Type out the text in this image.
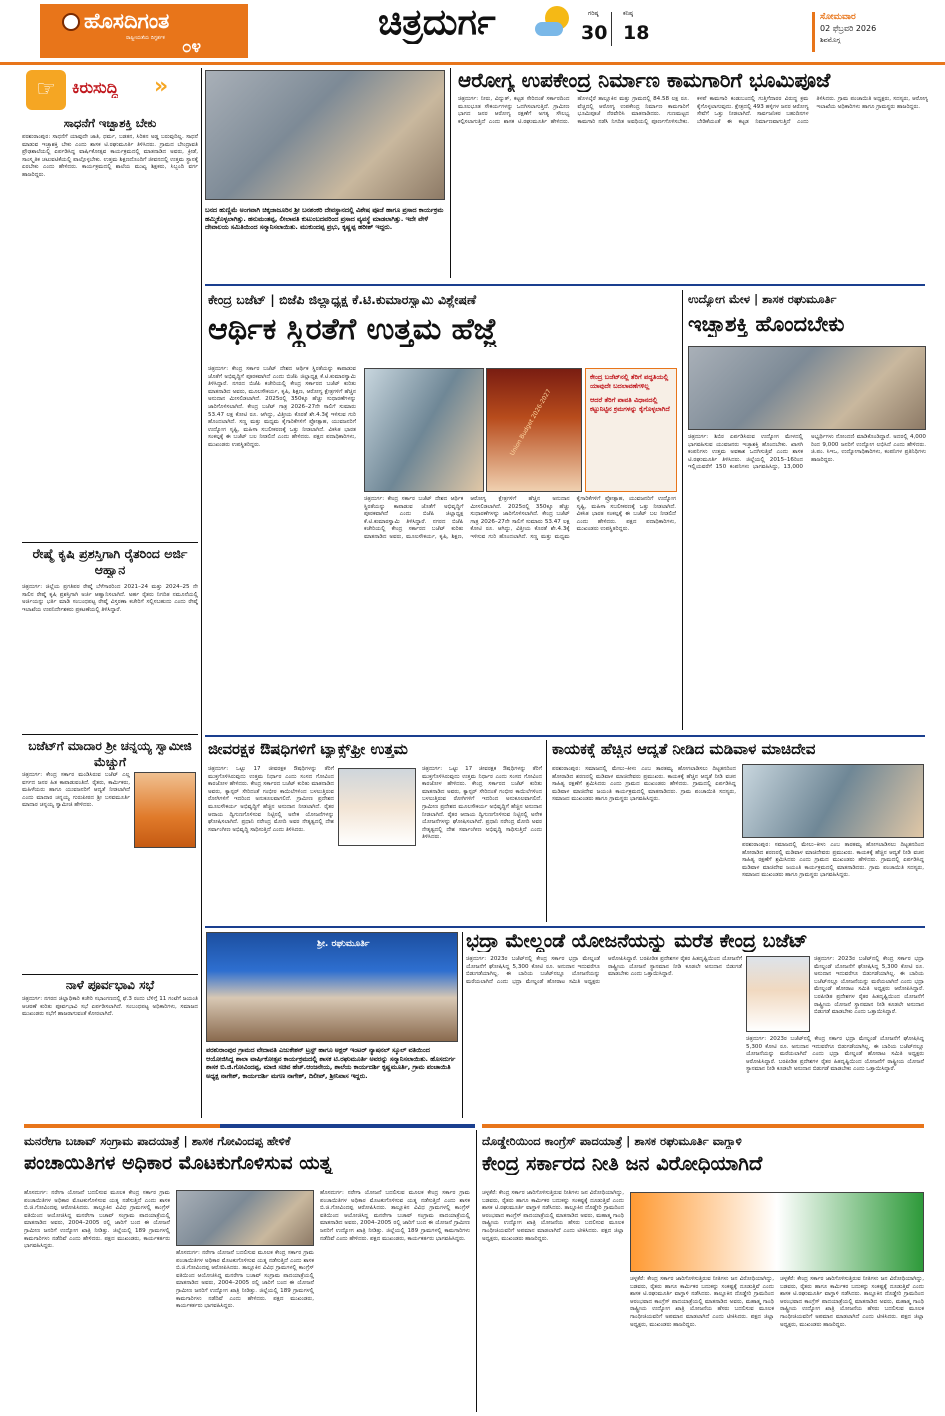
ಹೊಸದಿಗಂತ
ರಾಷ್ಟ್ರೀಯತೆಯ ದಿಗ್ದರ್ಶಕ ೦೪
ಚಿತ್ರದುರ್ಗ	ಗರಿಷ್ಠ
30
ಕನಿಷ್ಠ
18
ಸೋಮವಾರ
02 ಫೆಬ್ರವರಿ 2026
ಶಿವಮೊಗ್ಗ
☞	ಕಿರುಸುದ್ದಿ »
ಸಾಧನೆಗೆ ಇಚ್ಛಾಶಕ್ತಿ ಬೇಕು
ಪರಶುರಾಂಪುರ: ಸಾಧನೆಗೆ ಯಾವುದೇ ಜಾತಿ, ಧರ್ಮ, ಬಡತನ, ಸಿರಿತನ ಅಡ್ಡ ಬರುವುದಿಲ್ಲ. ಸಾಧನೆ ಮಾಡುವ ಇಚ್ಛಾಶಕ್ತಿ ಬೇಕು ಎಂದು ಶಾಸಕ ಟಿ.ರಘುಮೂರ್ತಿ ತಿಳಿಸಿದರು. ಗ್ರಾಮದ ಬೇಂದ್ರಾವತಿ ಪ್ರೌಢಶಾಲೆಯಲ್ಲಿ ಏರ್ಪಡಿಸಿದ್ದ ವಾರ್ಷಿಕೋತ್ಸವ ಕಾರ್ಯಕ್ರಮದಲ್ಲಿ ಮಾತನಾಡಿದ ಅವರು, ಕ್ರೀಡೆ, ಸಾಂಸ್ಕೃತಿಕ ಚಟುವಟಿಕೆಯಲ್ಲಿ ಪಾಲ್ಗೊಳ್ಳಬೇಕು. ಉತ್ತಮ ಶಿಕ್ಷಣದೊಂದಿಗೆ ಜೀವನದಲ್ಲಿ ಉತ್ತಮ ಸ್ಥಾನಕ್ಕೆ ಏರಬೇಕು ಎಂದು ಹೇಳಿದರು. ಕಾರ್ಯಕ್ರಮದಲ್ಲಿ ಶಾಲೆಯ ಮುಖ್ಯ ಶಿಕ್ಷಕರು, ಸಿಬ್ಬಂದಿ ವರ್ಗ ಹಾಜರಿದ್ದರು.
ರೇಷ್ಮೆ ಕೃಷಿ ಪ್ರಶಸ್ತಿಗಾಗಿ ರೈತರಿಂದ ಅರ್ಜಿ ಆಹ್ವಾನ
ಚಿತ್ರದುರ್ಗ: ಜಿಲ್ಲೆಯ ಪ್ರಗತಿಪರ ರೇಷ್ಮೆ ಬೆಳೆಗಾರರಿಂದ 2021–24 ಮತ್ತು 2024–25 ನೇ ಸಾಲಿನ ರೇಷ್ಮೆ ಕೃಷಿ ಪ್ರಶಸ್ತಿಗಾಗಿ ಅರ್ಜಿ ಆಹ್ವಾನಿಸಲಾಗಿದೆ. ಅರ್ಹ ರೈತರು ನಿಗದಿತ ನಮೂನೆಯಲ್ಲಿ ಅರ್ಜಿಯನ್ನು ಭರ್ತಿ ಮಾಡಿ ಸಂಬಂಧಪಟ್ಟ ರೇಷ್ಮೆ ವಿಸ್ತರಣಾ ಕಚೇರಿಗೆ ಸಲ್ಲಿಸಬಹುದು ಎಂದು ರೇಷ್ಮೆ ಇಲಾಖೆಯ ಉಪನಿರ್ದೇಶಕರು ಪ್ರಕಟಣೆಯಲ್ಲಿ ತಿಳಿಸಿದ್ದಾರೆ.
ಬಜೆಟ್‌ಗೆ ಮಾದಾರ ಶ್ರೀ ಚನ್ನಯ್ಯ ಸ್ವಾಮೀಜಿ ಮೆಚ್ಚುಗೆ
ಚಿತ್ರದುರ್ಗ: ಕೇಂದ್ರ ಸರ್ಕಾರ ಮಂಡಿಸಿರುವ ಬಜೆಟ್ ಎಲ್ಲ ವರ್ಗದ ಜನರ ಹಿತ ಕಾಪಾಡುವಂತಿದೆ. ರೈತರು, ಕಾರ್ಮಿಕರು, ಮಹಿಳೆಯರು ಹಾಗೂ ಯುವಜನರಿಗೆ ಆದ್ಯತೆ ನೀಡಲಾಗಿದೆ ಎಂದು ಮಾದಾರ ಚನ್ನಯ್ಯ ಗುರುಪೀಠದ ಶ್ರೀ ಬಸವಮೂರ್ತಿ ಮಾದಾರ ಚನ್ನಯ್ಯ ಸ್ವಾಮೀಜಿ ಹೇಳಿದರು.
ನಾಳೆ ಪೂರ್ವಭಾವಿ ಸಭೆ
ಚಿತ್ರದುರ್ಗ: ನಗರದ ಜಿಲ್ಲಾಧಿಕಾರಿ ಕಚೇರಿ ಸಭಾಂಗಣದಲ್ಲಿ ಫೆ.3 ರಂದು ಬೆಳಿಗ್ಗೆ 11 ಗಂಟೆಗೆ ಜಯಂತಿ ಆಚರಣೆ ಕುರಿತು ಪೂರ್ವಭಾವಿ ಸಭೆ ಏರ್ಪಡಿಸಲಾಗಿದೆ. ಸಂಬಂಧಪಟ್ಟ ಅಧಿಕಾರಿಗಳು, ಸಮಾಜದ ಮುಖಂಡರು ಸಭೆಗೆ ಹಾಜರಾಗುವಂತೆ ಕೋರಲಾಗಿದೆ.
ಬನದ ಹುಣ್ಣಿಮೆ ಅಂಗವಾಗಿ ಚಿಕ್ಕಜಾಜೂರಿನ ಶ್ರೀ ಬನಶಂಕರಿ ದೇವಸ್ಥಾನದಲ್ಲಿ ವಿಶೇಷ ಪೂಜೆ ಹಾಗೂ ಪ್ರಸಾದ ಕಾರ್ಯಕ್ರಮ ಹಮ್ಮಿಕೊಳ್ಳಲಾಗಿತ್ತು. ಹನುಮಂತಪ್ಪ, ಲೀಲಾವತಿ ಕುಟುಂಬದವರಿಂದ ಪ್ರಸಾದ ವ್ಯವಸ್ಥೆ ಮಾಡಲಾಗಿತ್ತು. ಇದೇ ವೇಳೆ ದೇವಾಲಯ ಸಮಿತಿಯಿಂದ ಸನ್ಮಾನಿಸಲಾಯಿತು. ಮುಕುಂದಪ್ಪ ಪ್ರಭು, ಕೃಷ್ಣಪ್ಪ ಹರೀಶ್ ಇದ್ದರು.
ಆರೋಗ್ಯ ಉಪಕೇಂದ್ರ ನಿರ್ಮಾಣ ಕಾಮಗಾರಿಗೆ ಭೂಮಿಪೂಜೆ
ಚಿತ್ರದುರ್ಗ: ನೀರು, ವಿದ್ಯುತ್, ಕಟ್ಟಡ ಸೇರಿದಂತೆ ಸರ್ಕಾರದಿಂದ ಮೂಲಭೂತ ಸೌಕರ್ಯಗಳನ್ನು ಒದಗಿಸಲಾಗುತ್ತಿದೆ. ಗ್ರಾಮೀಣ ಭಾಗದ ಜನರ ಆರೋಗ್ಯ ರಕ್ಷಣೆಗೆ ಅಗತ್ಯ ಸೌಲಭ್ಯ ಕಲ್ಪಿಸಲಾಗುತ್ತಿದೆ ಎಂದು ಶಾಸಕ ಟಿ.ರಘುಮೂರ್ತಿ ಹೇಳಿದರು. ಹೊಳಲ್ಕೆರೆ ತಾಲ್ಲೂಕಿನ ಮತ್ತು ಗ್ರಾಮದಲ್ಲಿ 84.58 ಲಕ್ಷ ರೂ. ವೆಚ್ಚದಲ್ಲಿ ಆರೋಗ್ಯ ಉಪಕೇಂದ್ರ ನಿರ್ಮಾಣ ಕಾಮಗಾರಿಗೆ ಭೂಮಿಪೂಜೆ ನೆರವೇರಿಸಿ ಮಾತನಾಡಿದರು. ಗುಣಮಟ್ಟದ ಕಾಮಗಾರಿ ನಡೆಸಿ ನಿಗದಿತ ಅವಧಿಯಲ್ಲಿ ಪೂರ್ಣಗೊಳಿಸಬೇಕು. ಕಳಪೆ ಕಾಮಗಾರಿ ಕಂಡುಬಂದಲ್ಲಿ ಗುತ್ತಿಗೆದಾರರ ವಿರುದ್ಧ ಕ್ರಮ ಕೈಗೊಳ್ಳಲಾಗುವುದು. ಕ್ಷೇತ್ರದಲ್ಲಿ 493 ಹಳ್ಳಿಗಳ ಜನರ ಆರೋಗ್ಯ ಸೇವೆಗೆ ಒತ್ತು ನೀಡಲಾಗಿದೆ. ಸಾರ್ವಜನಿಕರ ಬಹುದಿನಗಳ ಬೇಡಿಕೆಯಂತೆ ಈ ಕಟ್ಟಡ ನಿರ್ಮಾಣವಾಗುತ್ತಿದೆ ಎಂದು ತಿಳಿಸಿದರು. ಗ್ರಾಮ ಪಂಚಾಯಿತಿ ಅಧ್ಯಕ್ಷರು, ಸದಸ್ಯರು, ಆರೋಗ್ಯ ಇಲಾಖೆಯ ಅಧಿಕಾರಿಗಳು ಹಾಗೂ ಗ್ರಾಮಸ್ಥರು ಹಾಜರಿದ್ದರು.
ಕೇಂದ್ರ ಬಜೆಟ್ | ಬಿಜೆಪಿ ಜಿಲ್ಲಾಧ್ಯಕ್ಷ ಕೆ.ಟಿ.ಕುಮಾರಸ್ವಾಮಿ ವಿಶ್ಲೇಷಣೆ
ಆರ್ಥಿಕ ಸ್ಥಿರತೆಗೆ ಉತ್ತಮ ಹೆಜ್ಜೆ
ಚಿತ್ರದುರ್ಗ: ಕೇಂದ್ರ ಸರ್ಕಾರ ಬಜೆಟ್ ದೇಶದ ಆರ್ಥಿಕ ಸ್ಥಿರತೆಯನ್ನು ಕಾಪಾಡುವ ಜೊತೆಗೆ ಅಭಿವೃದ್ಧಿಗೆ ಪೂರಕವಾಗಿದೆ ಎಂದು ಬಿಜೆಪಿ ಜಿಲ್ಲಾಧ್ಯಕ್ಷ ಕೆ.ಟಿ.ಕುಮಾರಸ್ವಾಮಿ ತಿಳಿಸಿದ್ದಾರೆ. ನಗರದ ಬಿಜೆಪಿ ಕಚೇರಿಯಲ್ಲಿ ಕೇಂದ್ರ ಸರ್ಕಾರದ ಬಜೆಟ್ ಕುರಿತು ಮಾತನಾಡಿದ ಅವರು, ಮೂಲಸೌಕರ್ಯ, ಕೃಷಿ, ಶಿಕ್ಷಣ, ಆರೋಗ್ಯ ಕ್ಷೇತ್ರಗಳಿಗೆ ಹೆಚ್ಚಿನ ಅನುದಾನ ಮೀಸಲಿಡಲಾಗಿದೆ. 2025ರಲ್ಲಿ 350ಕ್ಕೂ ಹೆಚ್ಚು ಸುಧಾರಣೆಗಳನ್ನು ಜಾರಿಗೊಳಿಸಲಾಗಿದೆ. ಕೇಂದ್ರ ಬಜೆಟ್ ಗಾತ್ರ 2026–27ನೇ ಸಾಲಿಗೆ ಸುಮಾರು 53.47 ಲಕ್ಷ ಕೋಟಿ ರೂ. ಆಗಿದ್ದು, ವಿತ್ತೀಯ ಕೊರತೆ ಶೇ.4.3ಕ್ಕೆ ಇಳಿಸುವ ಗುರಿ ಹೊಂದಲಾಗಿದೆ. ಸಣ್ಣ ಮತ್ತು ಮಧ್ಯಮ ಕೈಗಾರಿಕೆಗಳಿಗೆ ಪ್ರೋತ್ಸಾಹ, ಯುವಜನರಿಗೆ ಉದ್ಯೋಗ ಸೃಷ್ಟಿ, ಮಹಿಳಾ ಸಬಲೀಕರಣಕ್ಕೆ ಒತ್ತು ನೀಡಲಾಗಿದೆ. ವಿಕಸಿತ ಭಾರತ ಸಂಕಲ್ಪಕ್ಕೆ ಈ ಬಜೆಟ್ ಬಲ ನೀಡಲಿದೆ ಎಂದು ಹೇಳಿದರು. ಪಕ್ಷದ ಪದಾಧಿಕಾರಿಗಳು, ಮುಖಂಡರು ಉಪಸ್ಥಿತರಿದ್ದರು.	Union Budget 2026-2027
ಕೇಂದ್ರ ಬಜೆಟ್‌ನಲ್ಲಿ ತೆರಿಗೆ ಪದ್ಧತಿಯಲ್ಲಿ ಯಾವುದೇ ಬದಲಾವಣೆಗಳಿಲ್ಲ
ಆದರೆ ತೆರಿಗೆ ಪಾವತಿ ವಿಧಾನದಲ್ಲಿ ಕಟ್ಟುನಿಟ್ಟಿನ ಕ್ರಮಗಳನ್ನು ಕೈಗೊಳ್ಳಲಾಗಿದೆ
ಚಿತ್ರದುರ್ಗ: ಕೇಂದ್ರ ಸರ್ಕಾರ ಬಜೆಟ್ ದೇಶದ ಆರ್ಥಿಕ ಸ್ಥಿರತೆಯನ್ನು ಕಾಪಾಡುವ ಜೊತೆಗೆ ಅಭಿವೃದ್ಧಿಗೆ ಪೂರಕವಾಗಿದೆ ಎಂದು ಬಿಜೆಪಿ ಜಿಲ್ಲಾಧ್ಯಕ್ಷ ಕೆ.ಟಿ.ಕುಮಾರಸ್ವಾಮಿ ತಿಳಿಸಿದ್ದಾರೆ. ನಗರದ ಬಿಜೆಪಿ ಕಚೇರಿಯಲ್ಲಿ ಕೇಂದ್ರ ಸರ್ಕಾರದ ಬಜೆಟ್ ಕುರಿತು ಮಾತನಾಡಿದ ಅವರು, ಮೂಲಸೌಕರ್ಯ, ಕೃಷಿ, ಶಿಕ್ಷಣ, ಆರೋಗ್ಯ ಕ್ಷೇತ್ರಗಳಿಗೆ ಹೆಚ್ಚಿನ ಅನುದಾನ ಮೀಸಲಿಡಲಾಗಿದೆ. 2025ರಲ್ಲಿ 350ಕ್ಕೂ ಹೆಚ್ಚು ಸುಧಾರಣೆಗಳನ್ನು ಜಾರಿಗೊಳಿಸಲಾಗಿದೆ. ಕೇಂದ್ರ ಬಜೆಟ್ ಗಾತ್ರ 2026–27ನೇ ಸಾಲಿಗೆ ಸುಮಾರು 53.47 ಲಕ್ಷ ಕೋಟಿ ರೂ. ಆಗಿದ್ದು, ವಿತ್ತೀಯ ಕೊರತೆ ಶೇ.4.3ಕ್ಕೆ ಇಳಿಸುವ ಗುರಿ ಹೊಂದಲಾಗಿದೆ. ಸಣ್ಣ ಮತ್ತು ಮಧ್ಯಮ ಕೈಗಾರಿಕೆಗಳಿಗೆ ಪ್ರೋತ್ಸಾಹ, ಯುವಜನರಿಗೆ ಉದ್ಯೋಗ ಸೃಷ್ಟಿ, ಮಹಿಳಾ ಸಬಲೀಕರಣಕ್ಕೆ ಒತ್ತು ನೀಡಲಾಗಿದೆ. ವಿಕಸಿತ ಭಾರತ ಸಂಕಲ್ಪಕ್ಕೆ ಈ ಬಜೆಟ್ ಬಲ ನೀಡಲಿದೆ ಎಂದು ಹೇಳಿದರು. ಪಕ್ಷದ ಪದಾಧಿಕಾರಿಗಳು, ಮುಖಂಡರು ಉಪಸ್ಥಿತರಿದ್ದರು.
ಉದ್ಯೋಗ ಮೇಳ | ಶಾಸಕ ರಘುಮೂರ್ತಿ
ಇಚ್ಛಾಶಕ್ತಿ ಹೊಂದಬೇಕು
ಚಿತ್ರದುರ್ಗ: ಶಿಬಿರ ಏರ್ಪಡಿಸಿರುವ ಉದ್ಯೋಗ ಮೇಳದಲ್ಲಿ ಭಾಗವಹಿಸುವ ಯುವಜನರು ಇಚ್ಛಾಶಕ್ತಿ ಹೊಂದಬೇಕು. ಖಾಸಗಿ ಕಂಪನಿಗಳು ಉತ್ತಮ ಅವಕಾಶ ಒದಗಿಸುತ್ತಿವೆ ಎಂದು ಶಾಸಕ ಟಿ.ರಘುಮೂರ್ತಿ ತಿಳಿಸಿದರು. ಜಿಲ್ಲೆಯಲ್ಲಿ 2015–16ರಿಂದ ಇಲ್ಲಿಯವರೆಗೆ 150 ಕಂಪನಿಗಳು ಭಾಗವಹಿಸಿದ್ದು, 13,000 ಅಭ್ಯರ್ಥಿಗಳು ನೋಂದಣಿ ಮಾಡಿಕೊಂಡಿದ್ದಾರೆ. ಅದರಲ್ಲಿ 4,000 ರಿಂದ 9,000 ಜನರಿಗೆ ಉದ್ಯೋಗ ಲಭಿಸಿದೆ ಎಂದು ಹೇಳಿದರು. ಜಿ.ಪಂ. ಸಿಇಒ, ಉದ್ಯೋಗಾಧಿಕಾರಿಗಳು, ಕಂಪನಿಗಳ ಪ್ರತಿನಿಧಿಗಳು ಹಾಜರಿದ್ದರು.
ಜೀವರಕ್ಷಕ ಔಷಧಿಗಳಿಗೆ ಟ್ಯಾಕ್ಸ್‌ಫ್ರೀ ಉತ್ತಮ
ಚಿತ್ರದುರ್ಗ: ಒಟ್ಟು 17 ಜೀವರಕ್ಷಕ ಔಷಧಿಗಳನ್ನು ತೆರಿಗೆ ಮುಕ್ತಗೊಳಿಸಿರುವುದು ಉತ್ತಮ ನಿರ್ಧಾರ ಎಂದು ಸಂಸದ ಗೋವಿಂದ ಕಾರಜೋಳ ಹೇಳಿದರು. ಕೇಂದ್ರ ಸರ್ಕಾರದ ಬಜೆಟ್ ಕುರಿತು ಮಾತನಾಡಿದ ಅವರು, ಕ್ಯಾನ್ಸರ್ ಸೇರಿದಂತೆ ಗಂಭೀರ ಕಾಯಿಲೆಗಳಿಂದ ಬಳಲುತ್ತಿರುವ ರೋಗಿಗಳಿಗೆ ಇದರಿಂದ ಅನುಕೂಲವಾಗಲಿದೆ. ಗ್ರಾಮೀಣ ಪ್ರದೇಶದ ಮೂಲಸೌಕರ್ಯ ಅಭಿವೃದ್ಧಿಗೆ ಹೆಚ್ಚಿನ ಅನುದಾನ ನೀಡಲಾಗಿದೆ. ರೈತರ ಆದಾಯ ದ್ವಿಗುಣಗೊಳಿಸುವ ನಿಟ್ಟಿನಲ್ಲಿ ಅನೇಕ ಯೋಜನೆಗಳನ್ನು ಘೋಷಿಸಲಾಗಿದೆ. ಪ್ರಧಾನಿ ನರೇಂದ್ರ ಮೋದಿ ಅವರ ನೇತೃತ್ವದಲ್ಲಿ ದೇಶ ಸರ್ವಾಂಗೀಣ ಅಭಿವೃದ್ಧಿ ಸಾಧಿಸುತ್ತಿದೆ ಎಂದು ತಿಳಿಸಿದರು.
ಚಿತ್ರದುರ್ಗ: ಒಟ್ಟು 17 ಜೀವರಕ್ಷಕ ಔಷಧಿಗಳನ್ನು ತೆರಿಗೆ ಮುಕ್ತಗೊಳಿಸಿರುವುದು ಉತ್ತಮ ನಿರ್ಧಾರ ಎಂದು ಸಂಸದ ಗೋವಿಂದ ಕಾರಜೋಳ ಹೇಳಿದರು. ಕೇಂದ್ರ ಸರ್ಕಾರದ ಬಜೆಟ್ ಕುರಿತು ಮಾತನಾಡಿದ ಅವರು, ಕ್ಯಾನ್ಸರ್ ಸೇರಿದಂತೆ ಗಂಭೀರ ಕಾಯಿಲೆಗಳಿಂದ ಬಳಲುತ್ತಿರುವ ರೋಗಿಗಳಿಗೆ ಇದರಿಂದ ಅನುಕೂಲವಾಗಲಿದೆ. ಗ್ರಾಮೀಣ ಪ್ರದೇಶದ ಮೂಲಸೌಕರ್ಯ ಅಭಿವೃದ್ಧಿಗೆ ಹೆಚ್ಚಿನ ಅನುದಾನ ನೀಡಲಾಗಿದೆ. ರೈತರ ಆದಾಯ ದ್ವಿಗುಣಗೊಳಿಸುವ ನಿಟ್ಟಿನಲ್ಲಿ ಅನೇಕ ಯೋಜನೆಗಳನ್ನು ಘೋಷಿಸಲಾಗಿದೆ. ಪ್ರಧಾನಿ ನರೇಂದ್ರ ಮೋದಿ ಅವರ ನೇತೃತ್ವದಲ್ಲಿ ದೇಶ ಸರ್ವಾಂಗೀಣ ಅಭಿವೃದ್ಧಿ ಸಾಧಿಸುತ್ತಿದೆ ಎಂದು ತಿಳಿಸಿದರು.
ಕಾಯಕಕ್ಕೆ ಹೆಚ್ಚಿನ ಆದ್ಯತೆ ನೀಡಿದ ಮಡಿವಾಳ ಮಾಚಿದೇವ
ಪರಶುರಾಂಪುರ: ಸಮಾಜದಲ್ಲಿ ಮೇಲು–ಕೀಳು ಎಂಬ ತಾರತಮ್ಯ ಹೋಗಲಾಡಿಸಲು ದಿಟ್ಟತನದಿಂದ ಹೋರಾಡಿದ ಶರಣರಲ್ಲಿ ಮಡಿವಾಳ ಮಾಚಿದೇವರು ಪ್ರಮುಖರು. ಕಾಯಕಕ್ಕೆ ಹೆಚ್ಚಿನ ಆದ್ಯತೆ ನೀಡಿ ವಚನ ಸಾಹಿತ್ಯ ರಕ್ಷಣೆಗೆ ಶ್ರಮಿಸಿದರು ಎಂದು ಗ್ರಾಮದ ಮುಖಂಡರು ಹೇಳಿದರು. ಗ್ರಾಮದಲ್ಲಿ ಏರ್ಪಡಿಸಿದ್ದ ಮಡಿವಾಳ ಮಾಚಿದೇವ ಜಯಂತಿ ಕಾರ್ಯಕ್ರಮದಲ್ಲಿ ಮಾತನಾಡಿದರು. ಗ್ರಾಮ ಪಂಚಾಯಿತಿ ಸದಸ್ಯರು, ಸಮಾಜದ ಮುಖಂಡರು ಹಾಗೂ ಗ್ರಾಮಸ್ಥರು ಭಾಗವಹಿಸಿದ್ದರು.
ಪರಶುರಾಂಪುರ: ಸಮಾಜದಲ್ಲಿ ಮೇಲು–ಕೀಳು ಎಂಬ ತಾರತಮ್ಯ ಹೋಗಲಾಡಿಸಲು ದಿಟ್ಟತನದಿಂದ ಹೋರಾಡಿದ ಶರಣರಲ್ಲಿ ಮಡಿವಾಳ ಮಾಚಿದೇವರು ಪ್ರಮುಖರು. ಕಾಯಕಕ್ಕೆ ಹೆಚ್ಚಿನ ಆದ್ಯತೆ ನೀಡಿ ವಚನ ಸಾಹಿತ್ಯ ರಕ್ಷಣೆಗೆ ಶ್ರಮಿಸಿದರು ಎಂದು ಗ್ರಾಮದ ಮುಖಂಡರು ಹೇಳಿದರು. ಗ್ರಾಮದಲ್ಲಿ ಏರ್ಪಡಿಸಿದ್ದ ಮಡಿವಾಳ ಮಾಚಿದೇವ ಜಯಂತಿ ಕಾರ್ಯಕ್ರಮದಲ್ಲಿ ಮಾತನಾಡಿದರು. ಗ್ರಾಮ ಪಂಚಾಯಿತಿ ಸದಸ್ಯರು, ಸಮಾಜದ ಮುಖಂಡರು ಹಾಗೂ ಗ್ರಾಮಸ್ಥರು ಭಾಗವಹಿಸಿದ್ದರು.
ಶ್ರೀ. ರಘುಮೂರ್ತಿ
ಪರಶುರಾಂಪುರ ಗ್ರಾಮದ ವೇದಾವತಿ ಎಜುಕೇಶನ್ ಟ್ರಸ್ಟ್ ಹಾಗೂ ಅಕ್ಷರ್ ಇಂಟರ್ ನ್ಯಾಷನಲ್ ಸ್ಕೂಲ್ ವತಿಯಿಂದ ಆಯೋಜಿಸಿದ್ದ ಶಾಲಾ ವಾರ್ಷಿಕೋತ್ಸವ ಕಾರ್ಯಕ್ರಮದಲ್ಲಿ ಶಾಸಕ ಟಿ.ರಘುಮೂರ್ತಿ ಅವರನ್ನು ಸನ್ಮಾನಿಸಲಾಯಿತು. ಹೊಸದುರ್ಗ ಶಾಸಕ ಬಿ.ಜಿ.ಗೋವಿಂದಪ್ಪ, ಮಾಜಿ ಸಚಿವ ಹೆಚ್.ಆಂಜನೇಯ, ಶಾಲೆಯ ಕಾರ್ಯದರ್ಶಿ ಕೃಷ್ಣಮೂರ್ತಿ, ಗ್ರಾಮ ಪಂಚಾಯಿತಿ ಅಧ್ಯಕ್ಷ ನಾಗೇಶ್, ಕಾರ್ಯದರ್ಶಿ ಮಗಣ ನಾಗೇಶ್, ದಿಲೀಪ್, ಶ್ರೀನಿವಾಸ ಇದ್ದರು.
ಭದ್ರಾ ಮೇಲ್ದಂಡೆ ಯೋಜನೆಯನ್ನು ಮರೆತ ಕೇಂದ್ರ ಬಜೆಟ್
ಚಿತ್ರದುರ್ಗ: 2023ರ ಬಜೆಟ್‌ನಲ್ಲಿ ಕೇಂದ್ರ ಸರ್ಕಾರ ಭದ್ರಾ ಮೇಲ್ದಂಡೆ ಯೋಜನೆಗೆ ಘೋಷಿಸಿದ್ದ 5,300 ಕೋಟಿ ರೂ. ಅನುದಾನ ಇದುವರೆಗೂ ಬಿಡುಗಡೆಯಾಗಿಲ್ಲ. ಈ ಬಾರಿಯ ಬಜೆಟ್‌ನಲ್ಲೂ ಯೋಜನೆಯನ್ನು ಮರೆಯಲಾಗಿದೆ ಎಂದು ಭದ್ರಾ ಮೇಲ್ದಂಡೆ ಹೋರಾಟ ಸಮಿತಿ ಅಧ್ಯಕ್ಷರು ಆರೋಪಿಸಿದ್ದಾರೆ. ಬರಪೀಡಿತ ಪ್ರದೇಶಗಳ ರೈತರ ಹಿತದೃಷ್ಟಿಯಿಂದ ಯೋಜನೆಗೆ ರಾಷ್ಟ್ರೀಯ ಯೋಜನೆ ಸ್ಥಾನಮಾನ ನೀಡಿ ಕೂಡಲೇ ಅನುದಾನ ಬಿಡುಗಡೆ ಮಾಡಬೇಕು ಎಂದು ಒತ್ತಾಯಿಸಿದ್ದಾರೆ.
ಚಿತ್ರದುರ್ಗ: 2023ರ ಬಜೆಟ್‌ನಲ್ಲಿ ಕೇಂದ್ರ ಸರ್ಕಾರ ಭದ್ರಾ ಮೇಲ್ದಂಡೆ ಯೋಜನೆಗೆ ಘೋಷಿಸಿದ್ದ 5,300 ಕೋಟಿ ರೂ. ಅನುದಾನ ಇದುವರೆಗೂ ಬಿಡುಗಡೆಯಾಗಿಲ್ಲ. ಈ ಬಾರಿಯ ಬಜೆಟ್‌ನಲ್ಲೂ ಯೋಜನೆಯನ್ನು ಮರೆಯಲಾಗಿದೆ ಎಂದು ಭದ್ರಾ ಮೇಲ್ದಂಡೆ ಹೋರಾಟ ಸಮಿತಿ ಅಧ್ಯಕ್ಷರು ಆರೋಪಿಸಿದ್ದಾರೆ. ಬರಪೀಡಿತ ಪ್ರದೇಶಗಳ ರೈತರ ಹಿತದೃಷ್ಟಿಯಿಂದ ಯೋಜನೆಗೆ ರಾಷ್ಟ್ರೀಯ ಯೋಜನೆ ಸ್ಥಾನಮಾನ ನೀಡಿ ಕೂಡಲೇ ಅನುದಾನ ಬಿಡುಗಡೆ ಮಾಡಬೇಕು ಎಂದು ಒತ್ತಾಯಿಸಿದ್ದಾರೆ.
ಚಿತ್ರದುರ್ಗ: 2023ರ ಬಜೆಟ್‌ನಲ್ಲಿ ಕೇಂದ್ರ ಸರ್ಕಾರ ಭದ್ರಾ ಮೇಲ್ದಂಡೆ ಯೋಜನೆಗೆ ಘೋಷಿಸಿದ್ದ 5,300 ಕೋಟಿ ರೂ. ಅನುದಾನ ಇದುವರೆಗೂ ಬಿಡುಗಡೆಯಾಗಿಲ್ಲ. ಈ ಬಾರಿಯ ಬಜೆಟ್‌ನಲ್ಲೂ ಯೋಜನೆಯನ್ನು ಮರೆಯಲಾಗಿದೆ ಎಂದು ಭದ್ರಾ ಮೇಲ್ದಂಡೆ ಹೋರಾಟ ಸಮಿತಿ ಅಧ್ಯಕ್ಷರು ಆರೋಪಿಸಿದ್ದಾರೆ. ಬರಪೀಡಿತ ಪ್ರದೇಶಗಳ ರೈತರ ಹಿತದೃಷ್ಟಿಯಿಂದ ಯೋಜನೆಗೆ ರಾಷ್ಟ್ರೀಯ ಯೋಜನೆ ಸ್ಥಾನಮಾನ ನೀಡಿ ಕೂಡಲೇ ಅನುದಾನ ಬಿಡುಗಡೆ ಮಾಡಬೇಕು ಎಂದು ಒತ್ತಾಯಿಸಿದ್ದಾರೆ.
ಮನರೇಗಾ ಬಚಾವ್ ಸಂಗ್ರಾಮ ಪಾದಯಾತ್ರೆ | ಶಾಸಕ ಗೋವಿಂದಪ್ಪ ಹೇಳಿಕೆ
ಪಂಚಾಯಿತಿಗಳ ಅಧಿಕಾರ ಮೊಟಕುಗೊಳಿಸುವ ಯತ್ನ
ಹೊಸದುರ್ಗ: ನರೇಗಾ ಯೋಜನೆ ಬದಲಿಸುವ ಮೂಲಕ ಕೇಂದ್ರ ಸರ್ಕಾರ ಗ್ರಾಮ ಪಂಚಾಯಿತಿಗಳ ಅಧಿಕಾರ ಮೊಟಕುಗೊಳಿಸುವ ಯತ್ನ ನಡೆಸುತ್ತಿದೆ ಎಂದು ಶಾಸಕ ಬಿ.ಜಿ.ಗೋವಿಂದಪ್ಪ ಆರೋಪಿಸಿದರು. ತಾಲ್ಲೂಕಿನ ವಿವಿಧ ಗ್ರಾಮಗಳಲ್ಲಿ ಕಾಂಗ್ರೆಸ್ ವತಿಯಿಂದ ಆಯೋಜಿಸಿದ್ದ ಮನರೇಗಾ ಬಚಾವ್ ಸಂಗ್ರಾಮ ಪಾದಯಾತ್ರೆಯಲ್ಲಿ ಮಾತನಾಡಿದ ಅವರು, 2004–2005 ರಲ್ಲಿ ಜಾರಿಗೆ ಬಂದ ಈ ಯೋಜನೆ ಗ್ರಾಮೀಣ ಜನರಿಗೆ ಉದ್ಯೋಗ ಖಾತ್ರಿ ನೀಡಿತ್ತು. ಜಿಲ್ಲೆಯಲ್ಲಿ 189 ಗ್ರಾಮಗಳಲ್ಲಿ ಕಾಮಗಾರಿಗಳು ನಡೆದಿವೆ ಎಂದು ಹೇಳಿದರು. ಪಕ್ಷದ ಮುಖಂಡರು, ಕಾರ್ಯಕರ್ತರು ಭಾಗವಹಿಸಿದ್ದರು.
ಹೊಸದುರ್ಗ: ನರೇಗಾ ಯೋಜನೆ ಬದಲಿಸುವ ಮೂಲಕ ಕೇಂದ್ರ ಸರ್ಕಾರ ಗ್ರಾಮ ಪಂಚಾಯಿತಿಗಳ ಅಧಿಕಾರ ಮೊಟಕುಗೊಳಿಸುವ ಯತ್ನ ನಡೆಸುತ್ತಿದೆ ಎಂದು ಶಾಸಕ ಬಿ.ಜಿ.ಗೋವಿಂದಪ್ಪ ಆರೋಪಿಸಿದರು. ತಾಲ್ಲೂಕಿನ ವಿವಿಧ ಗ್ರಾಮಗಳಲ್ಲಿ ಕಾಂಗ್ರೆಸ್ ವತಿಯಿಂದ ಆಯೋಜಿಸಿದ್ದ ಮನರೇಗಾ ಬಚಾವ್ ಸಂಗ್ರಾಮ ಪಾದಯಾತ್ರೆಯಲ್ಲಿ ಮಾತನಾಡಿದ ಅವರು, 2004–2005 ರಲ್ಲಿ ಜಾರಿಗೆ ಬಂದ ಈ ಯೋಜನೆ ಗ್ರಾಮೀಣ ಜನರಿಗೆ ಉದ್ಯೋಗ ಖಾತ್ರಿ ನೀಡಿತ್ತು. ಜಿಲ್ಲೆಯಲ್ಲಿ 189 ಗ್ರಾಮಗಳಲ್ಲಿ ಕಾಮಗಾರಿಗಳು ನಡೆದಿವೆ ಎಂದು ಹೇಳಿದರು. ಪಕ್ಷದ ಮುಖಂಡರು, ಕಾರ್ಯಕರ್ತರು ಭಾಗವಹಿಸಿದ್ದರು.
ಹೊಸದುರ್ಗ: ನರೇಗಾ ಯೋಜನೆ ಬದಲಿಸುವ ಮೂಲಕ ಕೇಂದ್ರ ಸರ್ಕಾರ ಗ್ರಾಮ ಪಂಚಾಯಿತಿಗಳ ಅಧಿಕಾರ ಮೊಟಕುಗೊಳಿಸುವ ಯತ್ನ ನಡೆಸುತ್ತಿದೆ ಎಂದು ಶಾಸಕ ಬಿ.ಜಿ.ಗೋವಿಂದಪ್ಪ ಆರೋಪಿಸಿದರು. ತಾಲ್ಲೂಕಿನ ವಿವಿಧ ಗ್ರಾಮಗಳಲ್ಲಿ ಕಾಂಗ್ರೆಸ್ ವತಿಯಿಂದ ಆಯೋಜಿಸಿದ್ದ ಮನರೇಗಾ ಬಚಾವ್ ಸಂಗ್ರಾಮ ಪಾದಯಾತ್ರೆಯಲ್ಲಿ ಮಾತನಾಡಿದ ಅವರು, 2004–2005 ರಲ್ಲಿ ಜಾರಿಗೆ ಬಂದ ಈ ಯೋಜನೆ ಗ್ರಾಮೀಣ ಜನರಿಗೆ ಉದ್ಯೋಗ ಖಾತ್ರಿ ನೀಡಿತ್ತು. ಜಿಲ್ಲೆಯಲ್ಲಿ 189 ಗ್ರಾಮಗಳಲ್ಲಿ ಕಾಮಗಾರಿಗಳು ನಡೆದಿವೆ ಎಂದು ಹೇಳಿದರು. ಪಕ್ಷದ ಮುಖಂಡರು, ಕಾರ್ಯಕರ್ತರು ಭಾಗವಹಿಸಿದ್ದರು.
ದೊಡ್ಡೇರಿಯಿಂದ ಕಾಂಗ್ರೆಸ್ ಪಾದಯಾತ್ರೆ | ಶಾಸಕ ರಘುಮೂರ್ತಿ ವಾಗ್ದಾಳಿ
ಕೇಂದ್ರ ಸರ್ಕಾರದ ನೀತಿ ಜನ ವಿರೋಧಿಯಾಗಿದೆ
ಚಳ್ಳಕೆರೆ: ಕೇಂದ್ರ ಸರ್ಕಾರ ಜಾರಿಗೊಳಿಸುತ್ತಿರುವ ನೀತಿಗಳು ಜನ ವಿರೋಧಿಯಾಗಿದ್ದು, ಬಡವರು, ರೈತರು ಹಾಗೂ ಕಾರ್ಮಿಕರ ಬದುಕನ್ನು ಸಂಕಷ್ಟಕ್ಕೆ ದೂಡುತ್ತಿವೆ ಎಂದು ಶಾಸಕ ಟಿ.ರಘುಮೂರ್ತಿ ವಾಗ್ದಾಳಿ ನಡೆಸಿದರು. ತಾಲ್ಲೂಕಿನ ದೊಡ್ಡೇರಿ ಗ್ರಾಮದಿಂದ ಆರಂಭವಾದ ಕಾಂಗ್ರೆಸ್ ಪಾದಯಾತ್ರೆಯಲ್ಲಿ ಮಾತನಾಡಿದ ಅವರು, ಮಹಾತ್ಮ ಗಾಂಧಿ ರಾಷ್ಟ್ರೀಯ ಉದ್ಯೋಗ ಖಾತ್ರಿ ಯೋಜನೆಯ ಹೆಸರು ಬದಲಿಸುವ ಮೂಲಕ ಗಾಂಧೀಜಿಯವರಿಗೆ ಅಪಮಾನ ಮಾಡಲಾಗಿದೆ ಎಂದು ಟೀಕಿಸಿದರು. ಪಕ್ಷದ ಜಿಲ್ಲಾ ಅಧ್ಯಕ್ಷರು, ಮುಖಂಡರು ಹಾಜರಿದ್ದರು.
ಚಳ್ಳಕೆರೆ: ಕೇಂದ್ರ ಸರ್ಕಾರ ಜಾರಿಗೊಳಿಸುತ್ತಿರುವ ನೀತಿಗಳು ಜನ ವಿರೋಧಿಯಾಗಿದ್ದು, ಬಡವರು, ರೈತರು ಹಾಗೂ ಕಾರ್ಮಿಕರ ಬದುಕನ್ನು ಸಂಕಷ್ಟಕ್ಕೆ ದೂಡುತ್ತಿವೆ ಎಂದು ಶಾಸಕ ಟಿ.ರಘುಮೂರ್ತಿ ವಾಗ್ದಾಳಿ ನಡೆಸಿದರು. ತಾಲ್ಲೂಕಿನ ದೊಡ್ಡೇರಿ ಗ್ರಾಮದಿಂದ ಆರಂಭವಾದ ಕಾಂಗ್ರೆಸ್ ಪಾದಯಾತ್ರೆಯಲ್ಲಿ ಮಾತನಾಡಿದ ಅವರು, ಮಹಾತ್ಮ ಗಾಂಧಿ ರಾಷ್ಟ್ರೀಯ ಉದ್ಯೋಗ ಖಾತ್ರಿ ಯೋಜನೆಯ ಹೆಸರು ಬದಲಿಸುವ ಮೂಲಕ ಗಾಂಧೀಜಿಯವರಿಗೆ ಅಪಮಾನ ಮಾಡಲಾಗಿದೆ ಎಂದು ಟೀಕಿಸಿದರು. ಪಕ್ಷದ ಜಿಲ್ಲಾ ಅಧ್ಯಕ್ಷರು, ಮುಖಂಡರು ಹಾಜರಿದ್ದರು.
ಚಳ್ಳಕೆರೆ: ಕೇಂದ್ರ ಸರ್ಕಾರ ಜಾರಿಗೊಳಿಸುತ್ತಿರುವ ನೀತಿಗಳು ಜನ ವಿರೋಧಿಯಾಗಿದ್ದು, ಬಡವರು, ರೈತರು ಹಾಗೂ ಕಾರ್ಮಿಕರ ಬದುಕನ್ನು ಸಂಕಷ್ಟಕ್ಕೆ ದೂಡುತ್ತಿವೆ ಎಂದು ಶಾಸಕ ಟಿ.ರಘುಮೂರ್ತಿ ವಾಗ್ದಾಳಿ ನಡೆಸಿದರು. ತಾಲ್ಲೂಕಿನ ದೊಡ್ಡೇರಿ ಗ್ರಾಮದಿಂದ ಆರಂಭವಾದ ಕಾಂಗ್ರೆಸ್ ಪಾದಯಾತ್ರೆಯಲ್ಲಿ ಮಾತನಾಡಿದ ಅವರು, ಮಹಾತ್ಮ ಗಾಂಧಿ ರಾಷ್ಟ್ರೀಯ ಉದ್ಯೋಗ ಖಾತ್ರಿ ಯೋಜನೆಯ ಹೆಸರು ಬದಲಿಸುವ ಮೂಲಕ ಗಾಂಧೀಜಿಯವರಿಗೆ ಅಪಮಾನ ಮಾಡಲಾಗಿದೆ ಎಂದು ಟೀಕಿಸಿದರು. ಪಕ್ಷದ ಜಿಲ್ಲಾ ಅಧ್ಯಕ್ಷರು, ಮುಖಂಡರು ಹಾಜರಿದ್ದರು.
